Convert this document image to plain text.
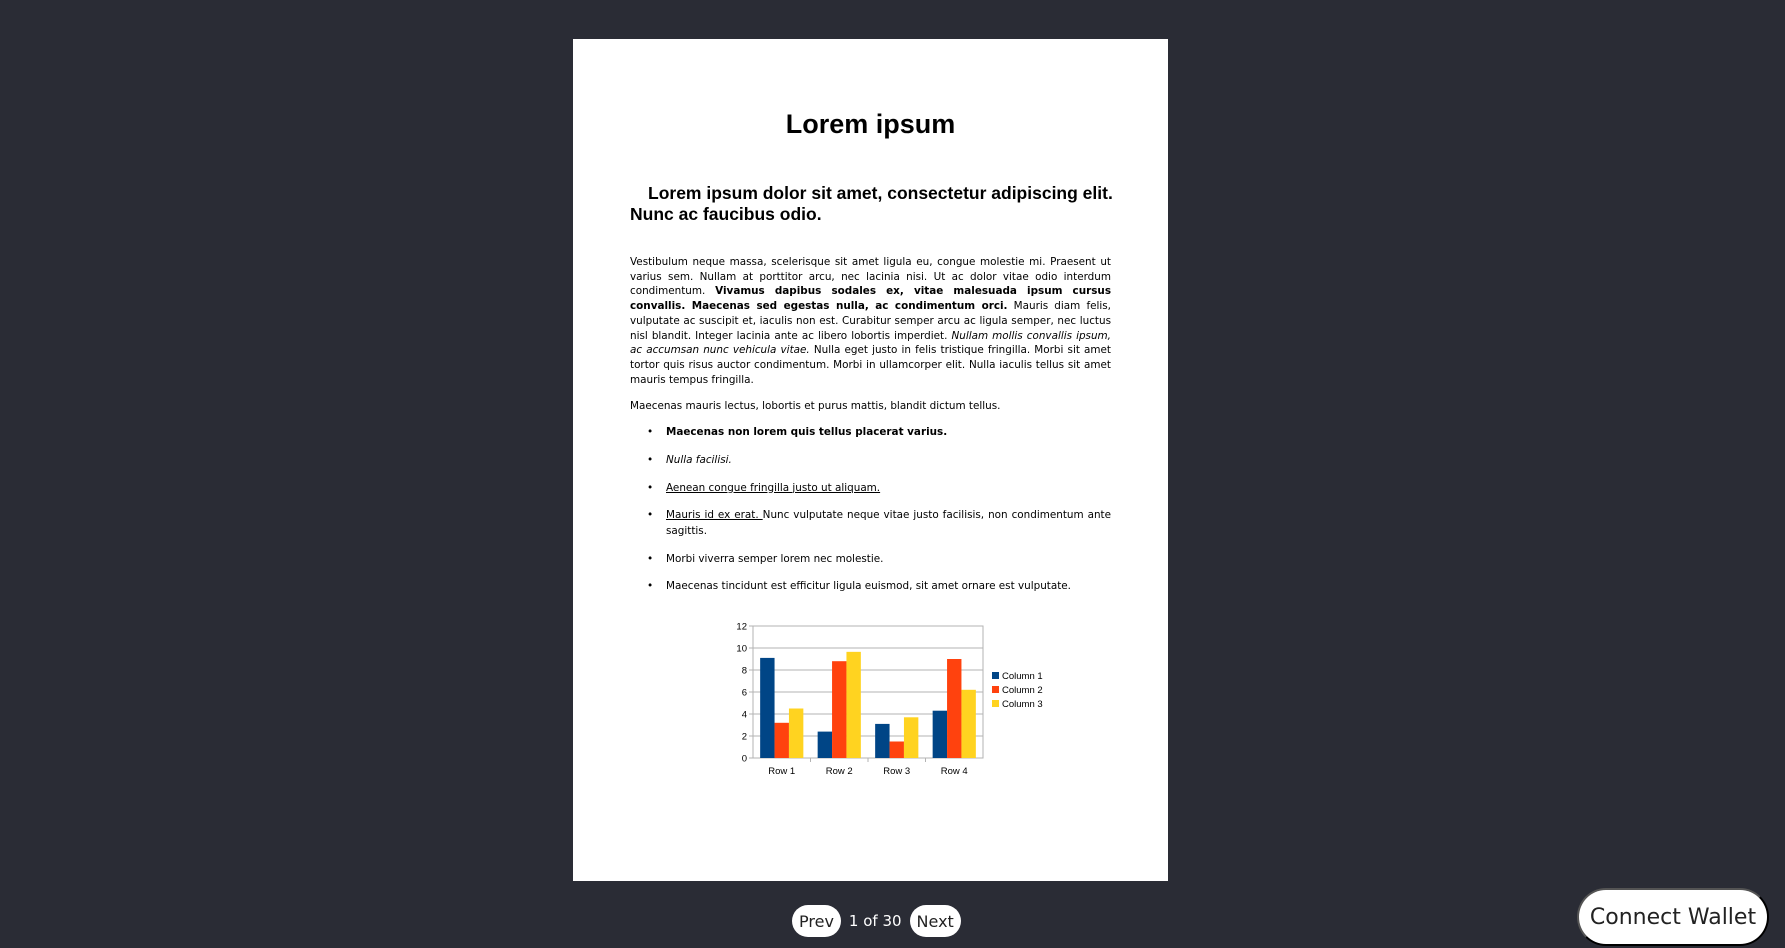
Lorem ipsum
Lorem ipsum dolor sit amet, consectetur adipiscing elit. Nunc ac faucibus odio.

Vestibulum neque massa, scelerisque sit amet ligula eu, congue molestie mi. Praesent ut varius sem. Nullam at porttitor arcu, nec lacinia nisi. Ut ac dolor vitae odio interdum condimentum. Vivamus dapibus sodales ex, vitae malesuada ipsum cursus convallis. Maecenas sed egestas nulla, ac condimentum orci. Mauris diam felis, vulputate ac suscipit et, iaculis non est. Curabitur semper arcu ac ligula semper, nec luctus nisl blandit. Integer lacinia ante ac libero lobortis imperdiet. Nullam mollis convallis ipsum, ac accumsan nunc vehicula vitae. Nulla eget justo in felis tristique fringilla. Morbi sit amet tortor quis risus auctor condimentum. Morbi in ullamcorper elit. Nulla iaculis tellus sit amet mauris tempus fringilla.

Maecenas mauris lectus, lobortis et purus mattis, blandit dictum tellus.

• Maecenas non lorem quis tellus placerat varius.
• Nulla facilisi.
• Aenean congue fringilla justo ut aliquam.
• Mauris id ex erat. Nunc vulputate neque vitae justo facilisis, non condimentum ante sagittis.
• Morbi viverra semper lorem nec molestie.
• Maecenas tincidunt est efficitur ligula euismod, sit amet ornare est vulputate.
0
2
4
6
8
10
12
Row 1	Row 2	Row 3	Row 4
Column 1
Column 2
Column 3
Prev	1 of 30 Next	Connect Wallet
